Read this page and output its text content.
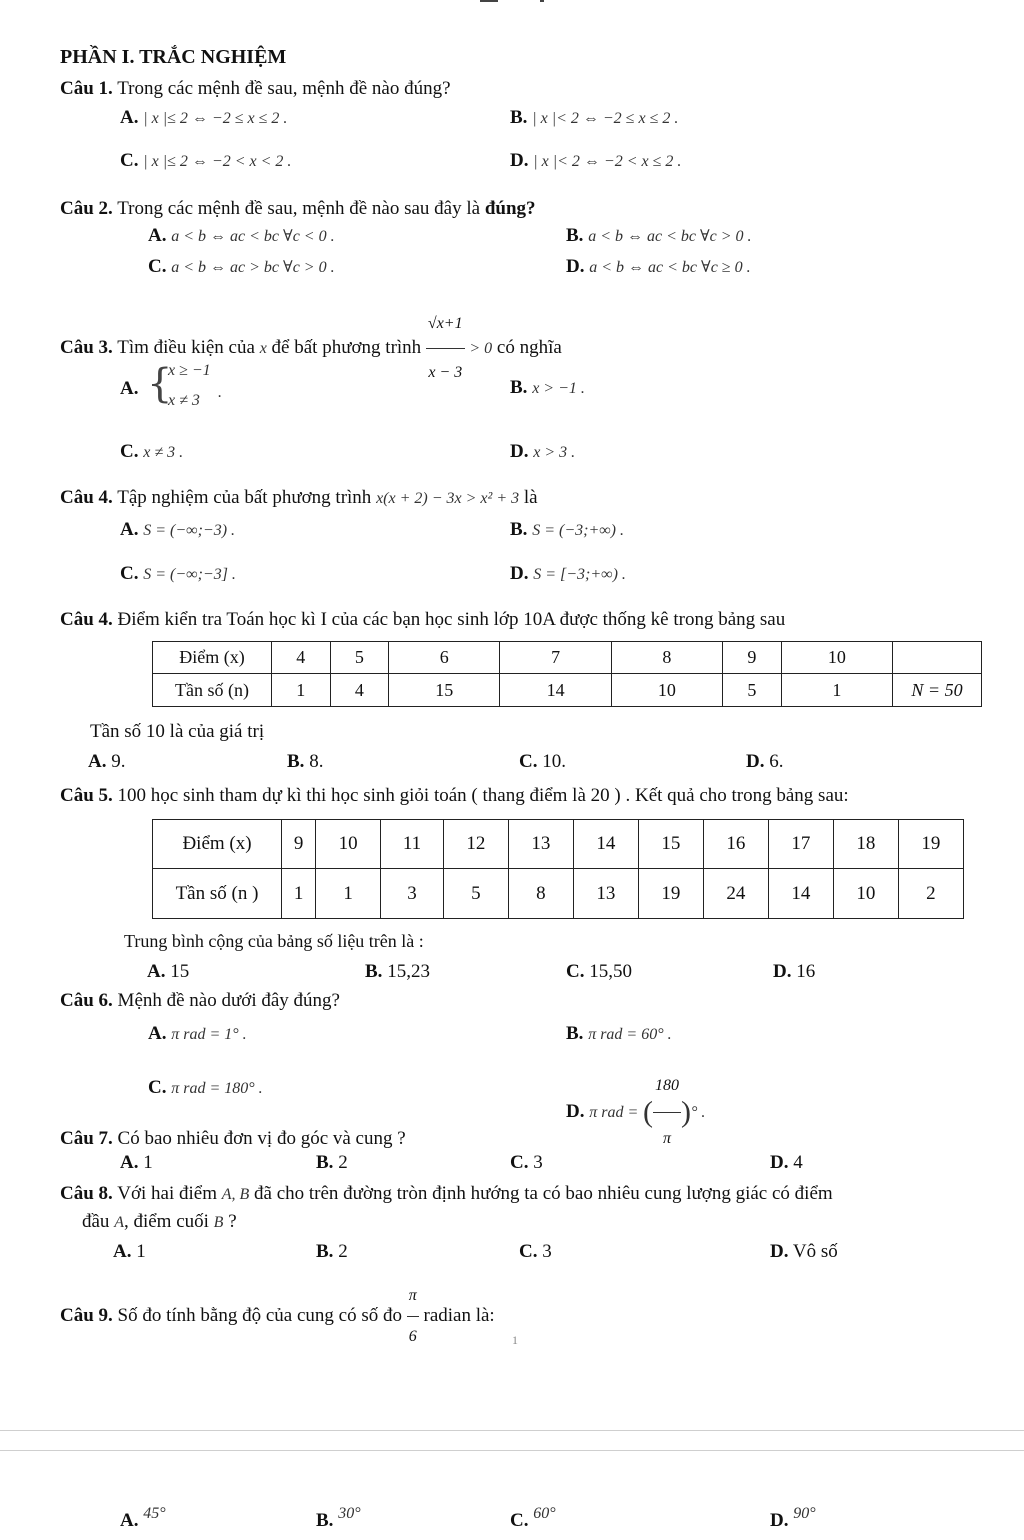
PHẦN I. TRẮC NGHIỆM
Câu 1. Trong các mệnh đề sau, mệnh đề nào đúng?
A. | x |≤ 2 ⇔ −2 ≤ x ≤ 2 .	B. | x |< 2 ⇔ −2 ≤ x ≤ 2 .
C. | x |≤ 2 ⇔ −2 < x < 2 .	D. | x |< 2 ⇔ −2 < x ≤ 2 .
Câu 2. Trong các mệnh đề sau, mệnh đề nào sau đây là đúng?
A. a < b ⇔ ac < bc ∀c < 0 .	B. a < b ⇔ ac < bc ∀c > 0 .
C. a < b ⇔ ac > bc ∀c > 0 .	D. a < b ⇔ ac < bc ∀c ≥ 0 .
Câu 3. Tìm điều kiện của x để bất phương trình $\frac{√x+1}{x - 3} > 0$ có nghĩa
A. {
x ≥ −1
x ≠ 3 .	B. x > −1 .
C. x ≠ 3 .	D. x > 3 .
Câu 4. Tập nghiệm của bất phương trình x(x + 2) − 3x > x² + 3 là
A. S = (−∞;−3) .	B. S = (−3;+∞) .
C. S = (−∞;−3] .	D. S = [−3;+∞) .
Câu 4. Điểm kiển tra Toán học kì I của các bạn học sinh lớp 10A được thống kê trong bảng sau
Điểm (x)	4	5	6	7	8	9	10	
Tần số (n)	1	4	15	14	10	5	1	N = 50
Tần số 10 là của giá trị
A. 9.	B. 8.	C. 10.	D. 6.
Câu 5. 100 học sinh tham dự kì thi học sinh giỏi toán ( thang điểm là 20 ) . Kết quả cho trong bảng sau:
Điểm (x)	9	10	11	12	13	14	15	16	17	18	19
Tần số (n )	1	1	3	5	8	13	19	24	14	10	2
Trung bình cộng của bảng số liệu trên là :
A. 15	B. 15,23	C. 15,50	D. 16
Câu 6. Mệnh đề nào dưới đây đúng?
A. π rad = 1° .	B. π rad = 60° .
C. π rad = 180° .
D. π rad = ( $\frac{180}{\pi}$ )° .
Câu 7. Có bao nhiêu đơn vị đo góc và cung ?
A. 1	B. 2	C. 3	D. 4
Câu 8. Với hai điểm A, B đã cho trên đường tròn định hướng ta có bao nhiêu cung lượng giác có điểm
đầu A, điểm cuối B ?
A. 1	B. 2	C. 3	D. Vô số
Câu 9. Số đo tính bằng độ của cung có số đo $\frac{\pi}{6}$ radian là:
1
A. $^{45^\circ}$	B. $^{30^\circ}$	C. $^{60^\circ}$	D. $^{90^\circ}$
